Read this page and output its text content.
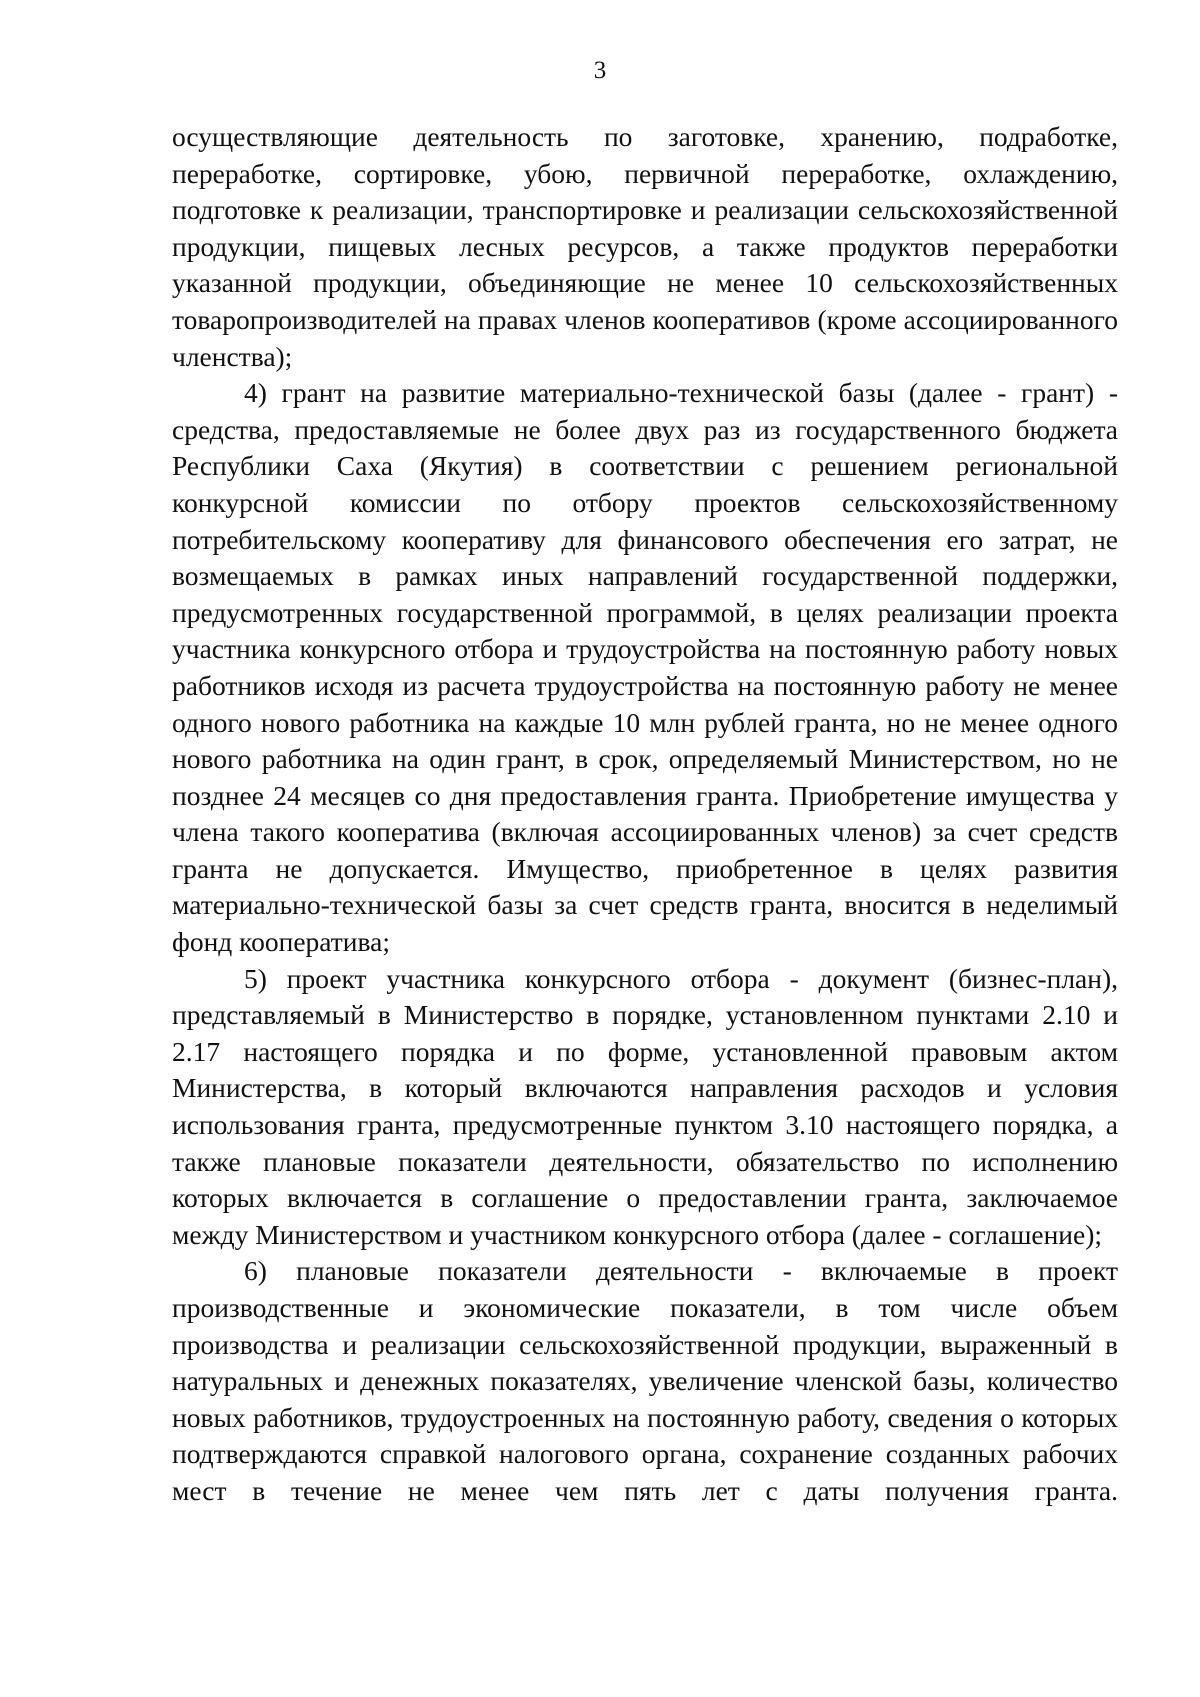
3

осуществляющие деятельность по заготовке, хранению, подработке, переработке, сортировке, убою, первичной переработке, охлаждению, подготовке к реализации, транспортировке и реализации сельскохозяйственной продукции, пищевых лесных ресурсов, а также продуктов переработки указанной продукции, объединяющие не менее 10 сельскохозяйственных товаропроизводителей на правах членов кооперативов (кроме ассоциированного членства);

4) грант на развитие материально-технической базы (далее - грант) - средства, предоставляемые не более двух раз из государственного бюджета Республики Саха (Якутия) в соответствии с решением региональной конкурсной комиссии по отбору проектов сельскохозяйственному потребительскому кооперативу для финансового обеспечения его затрат, не возмещаемых в рамках иных направлений государственной поддержки, предусмотренных государственной программой, в целях реализации проекта участника конкурсного отбора и трудоустройства на постоянную работу новых работников исходя из расчета трудоустройства на постоянную работу не менее одного нового работника на каждые 10 млн рублей гранта, но не менее одного нового работника на один грант, в срок, определяемый Министерством, но не позднее 24 месяцев со дня предоставления гранта. Приобретение имущества у члена такого кооператива (включая ассоциированных членов) за счет средств гранта не допускается. Имущество, приобретенное в целях развития материально-технической базы за счет средств гранта, вносится в неделимый фонд кооператива;

5) проект участника конкурсного отбора - документ (бизнес-план), представляемый в Министерство в порядке, установленном пунктами 2.10 и 2.17 настоящего порядка и по форме, установленной правовым актом Министерства, в который включаются направления расходов и условия использования гранта, предусмотренные пунктом 3.10 настоящего порядка, а также плановые показатели деятельности, обязательство по исполнению которых включается в соглашение о предоставлении гранта, заключаемое между Министерством и участником конкурсного отбора (далее - соглашение);

6) плановые показатели деятельности - включаемые в проект производственные и экономические показатели, в том числе объем производства и реализации сельскохозяйственной продукции, выраженный в натуральных и денежных показателях, увеличение членской базы, количество новых работников, трудоустроенных на постоянную работу, сведения о которых подтверждаются справкой налогового органа, сохранение созданных рабочих мест в течение не менее чем пять лет с даты получения гранта.
